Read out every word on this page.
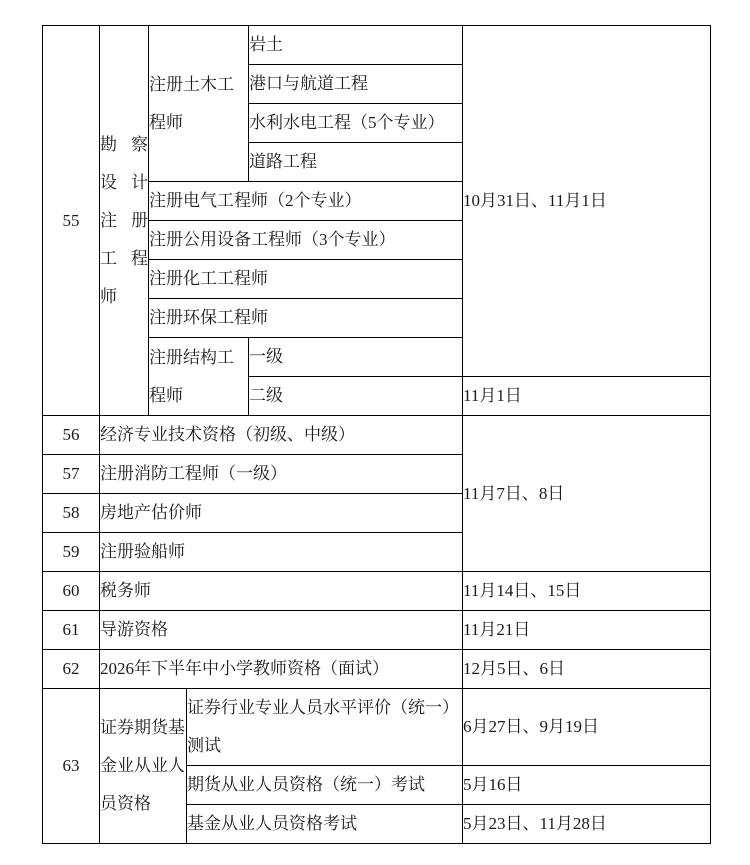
55	勘察设计注册工程师	注册土木工程师		岩土	10月31日、11月1日
				港口与航道工程	
				水利水电工程（5个专业）	
				道路工程	
		注册电气工程师（2个专业）			
		注册公用设备工程师（3个专业）			
		注册化工工程师			
		注册环保工程师			
		注册结构工程师		一级	
				二级	11月1日
56	经济专业技术资格（初级、中级）				11月7日、8日
57	注册消防工程师（一级）				
58	房地产估价师				
59	注册验船师				
60	税务师				11月14日、15日
61	导游资格				11月21日
62	2026年下半年中小学教师资格（面试）				12月5日、6日
63	证券期货基金业从业人员资格		证券行业专业人员水平评价（统一）测试		6月27日、9月19日
			期货从业人员资格（统一）考试		5月16日
			基金从业人员资格考试		5月23日、11月28日
